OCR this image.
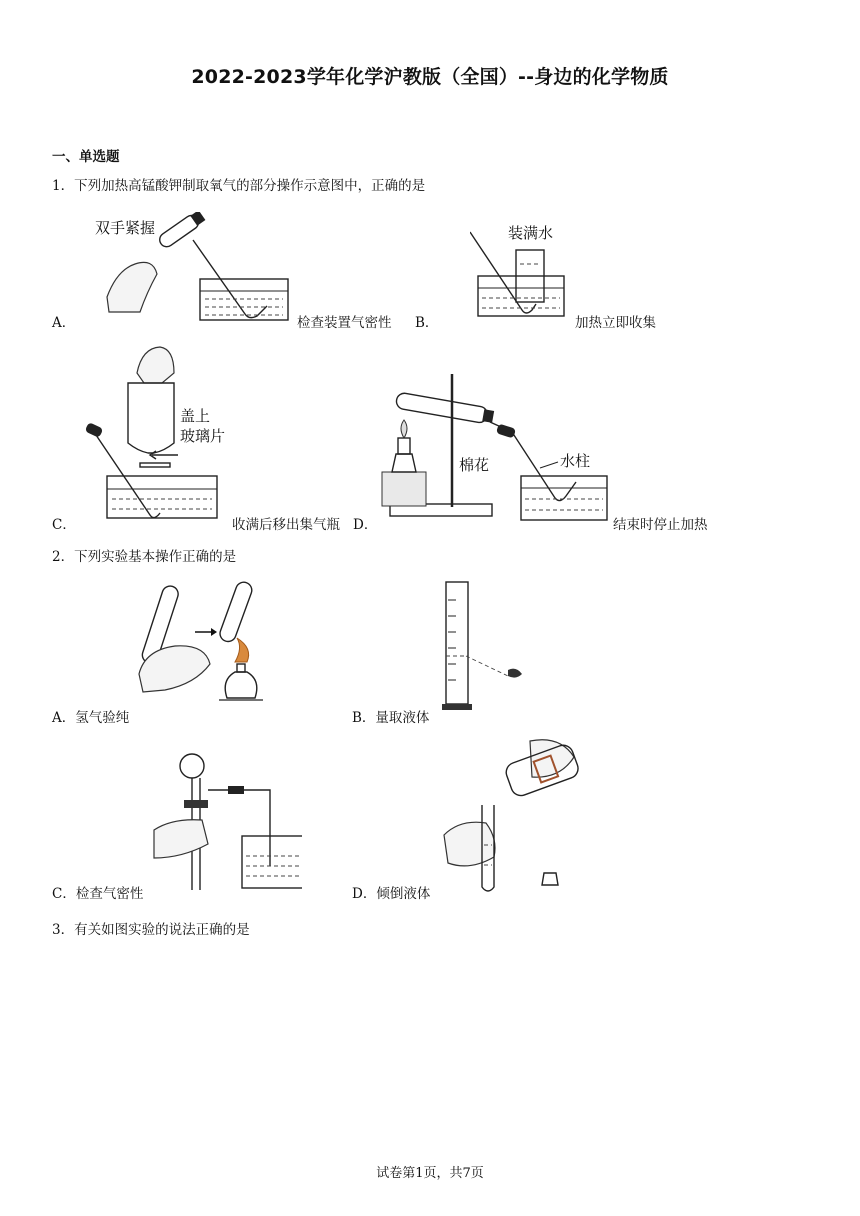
2022-2023学年化学沪教版（全国）--身边的化学物质
一、单选题
1．下列加热高锰酸钾制取氧气的部分操作示意图中，正确的是
A．
双手紧握
检查装置气密性 B．
装满水
加热立即收集
C．
盖上
玻璃片
收满后移出集气瓶 D．
棉花	水柱
结束时停止加热
2．下列实验基本操作正确的是
A．氢气验纯	B．量取液体
C．检查气密性	D．倾倒液体
3．有关如图实验的说法正确的是
试卷第1页，共7页
